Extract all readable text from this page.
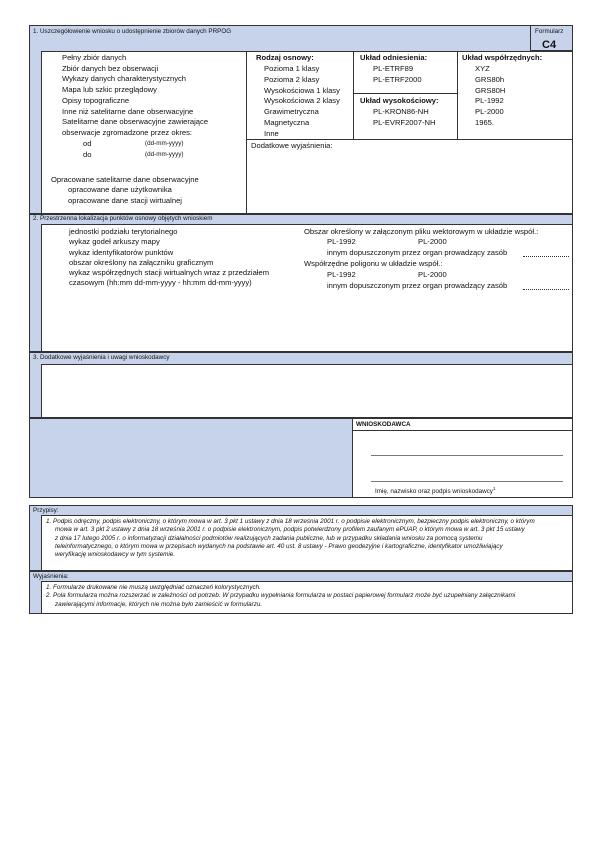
1. Uszczegółowienie wniosku o udostępnienie zbiorów danych PRPOG	Formularz
C4
Pełny zbiór danych
Zbiór danych bez obserwacji
Wykazy danych charakterystycznych
Mapa lub szkic przeglądowy
Opisy topograficzne
Inne niż satelitarne dane obserwacyjne
Satelitarne dane obserwacyjne zawierające
obserwacje zgromadzone przez okres:
od	(dd-mm-yyyy)
do	(dd-mm-yyyy)
Opracowane satelitarne dane obserwacyjne
opracowane dane użytkownika
opracowane dane stacji wirtualnej
Rodzaj osnowy:
Pozioma 1 klasy
Pozioma 2 klasy
Wysokościowa 1 klasy
Wysokościowa 2 klasy
Grawimetryczna
Magnetyczna
Inne
Układ odniesienia:
PL-ETRF89
PL-ETRF2000
Układ wysokościowy:
PL-KRON86-NH
PL-EVRF2007-NH
Układ współrzędnych:
XYZ
GRS80h
GRS80H
PL-1992
PL-2000
1965.
Dodatkowe wyjaśnienia:
2. Przestrzenna lokalizacja punktów osnowy objętych wnioskiem
jednostki podziału terytorialnego
wykaz godeł arkuszy mapy
wykaz identyfikatorów punktów
obszar określony na załączniku graficznym
wykaz współrzędnych stacji wirtualnych wraz z przedziałem
czasowym (hh:mm dd-mm-yyyy - hh:mm dd-mm-yyyy)
Obszar określony w załączonym pliku wektorowym w układzie współ.:
PL-1992	PL-2000
innym dopuszczonym przez organ prowadzący zasób
Współrzędne poligonu w układzie współ.:
PL-1992	PL-2000
innym dopuszczonym przez organ prowadzący zasób
3. Dodatkowe wyjaśnienia i uwagi wnioskodawcy
WNIOSKODAWCA
Imię, nazwisko oraz podpis wnioskodawcy$^1$
Przypisy:
1. Podpis odręczny, podpis elektroniczny, o którym mowa w art. 3 pkt 1 ustawy z dnia 18 września 2001 r. o podpisie elektronicznym, bezpieczny podpis elektroniczny, o którym
mowa w art. 3 pkt 2 ustawy z dnia 18 września 2001 r. o podpisie elektronicznym, podpis potwierdzony profilem zaufanym ePUAP, o którym mowa w art. 3 pkt 15 ustawy
z dnia 17 lutego 2005 r. o informatyzacji działalności podmiotów realizujących zadania publiczne, lub w przypadku składania wniosku za pomocą systemu
teleinformatycznego, o którym mowa w przepisach wydanych na podstawie art. 40 ust. 8 ustawy - Prawo geodezyjne i kartograficzne, identyfikator umożliwiający
weryfikację wnioskodawcy w tym systemie.
Wyjaśnienia:
1. Formularze drukowane nie muszą uwzględniać oznaczeń kolorystycznych.
2. Pola formularza można rozszerzać w zależności od potrzeb. W przypadku wypełniania formularza w postaci papierowej formularz może być uzupełniany załącznikami
zawierającymi informacje, których nie można było zamieścić w formularzu.
